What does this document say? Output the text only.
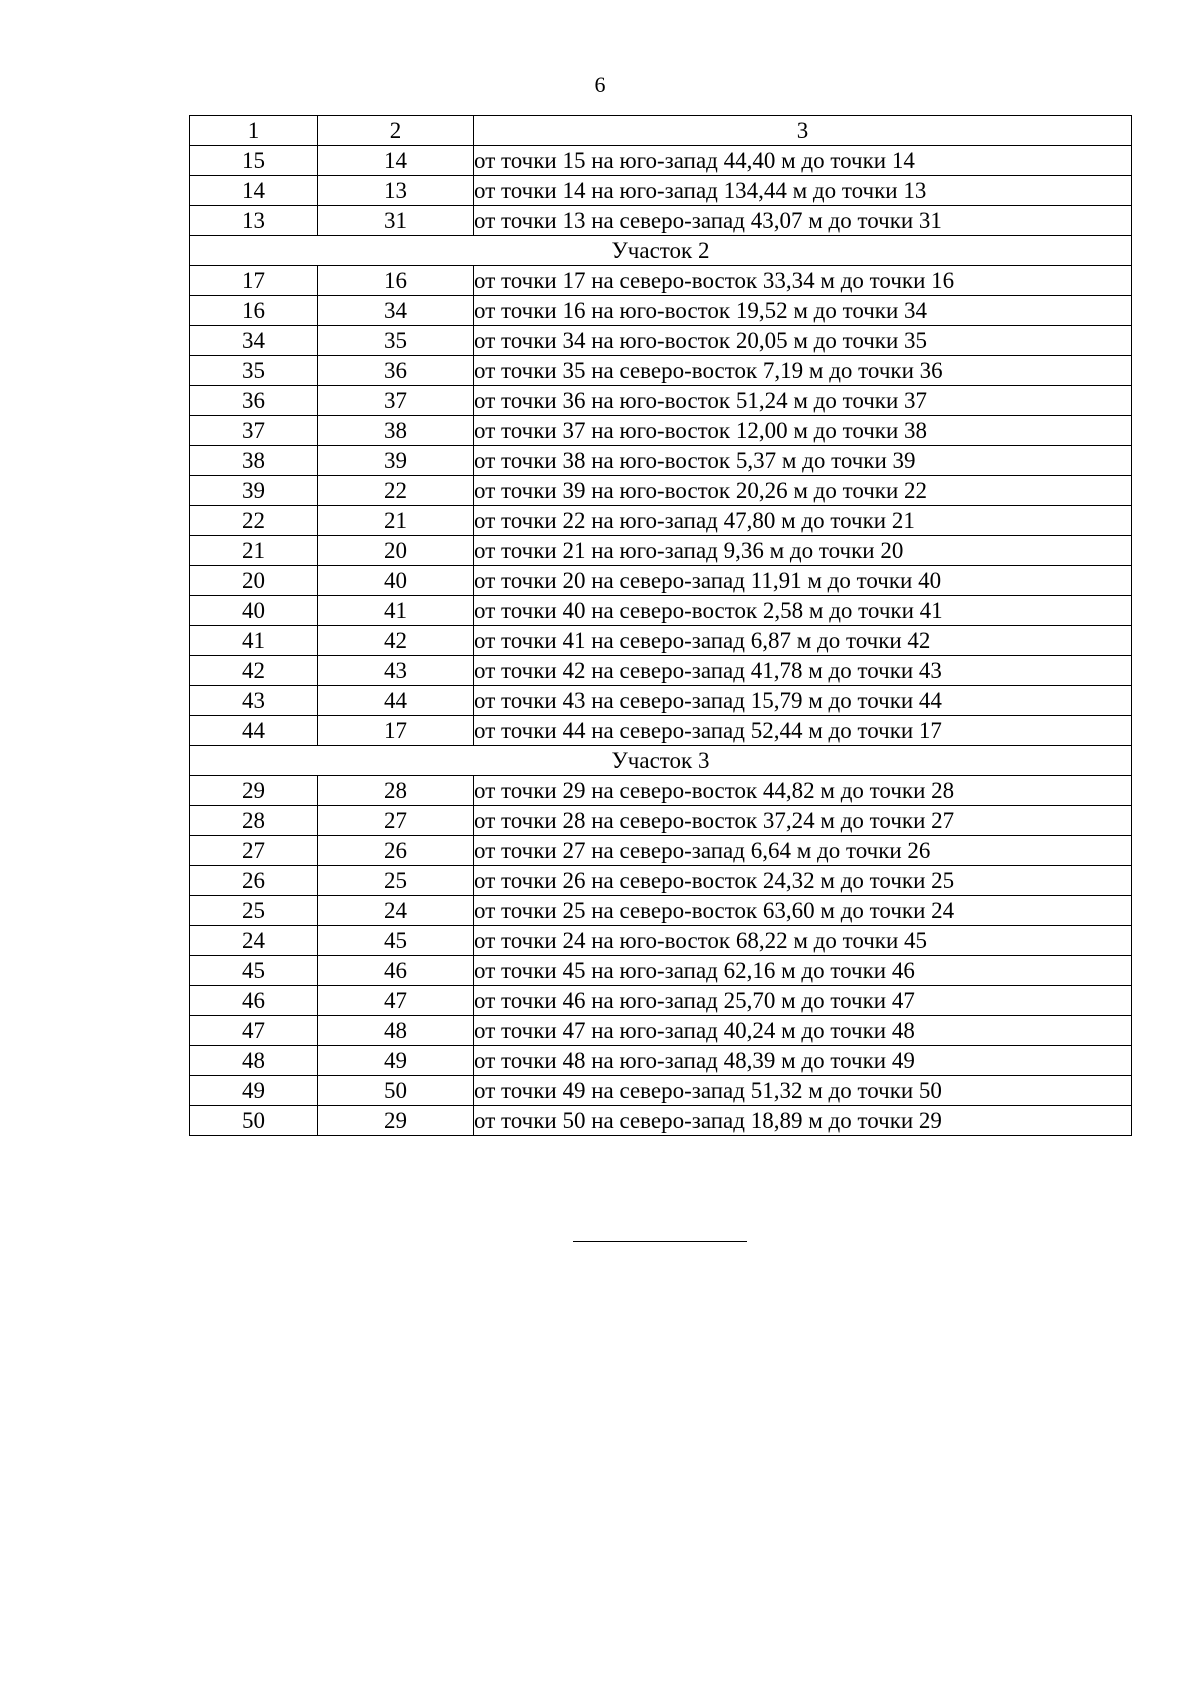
6
1	2	3
15	14	от точки 15 на юго-запад 44,40 м до точки 14
14	13	от точки 14 на юго-запад 134,44 м до точки 13
13	31	от точки 13 на северо-запад 43,07 м до точки 31
Участок 2		
17	16	от точки 17 на северо-восток 33,34 м до точки 16
16	34	от точки 16 на юго-восток 19,52 м до точки 34
34	35	от точки 34 на юго-восток 20,05 м до точки 35
35	36	от точки 35 на северо-восток 7,19 м до точки 36
36	37	от точки 36 на юго-восток 51,24 м до точки 37
37	38	от точки 37 на юго-восток 12,00 м до точки 38
38	39	от точки 38 на юго-восток 5,37 м до точки 39
39	22	от точки 39 на юго-восток 20,26 м до точки 22
22	21	от точки 22 на юго-запад 47,80 м до точки 21
21	20	от точки 21 на юго-запад 9,36 м до точки 20
20	40	от точки 20 на северо-запад 11,91 м до точки 40
40	41	от точки 40 на северо-восток 2,58 м до точки 41
41	42	от точки 41 на северо-запад 6,87 м до точки 42
42	43	от точки 42 на северо-запад 41,78 м до точки 43
43	44	от точки 43 на северо-запад 15,79 м до точки 44
44	17	от точки 44 на северо-запад 52,44 м до точки 17
Участок 3		
29	28	от точки 29 на северо-восток 44,82 м до точки 28
28	27	от точки 28 на северо-восток 37,24 м до точки 27
27	26	от точки 27 на северо-запад 6,64 м до точки 26
26	25	от точки 26 на северо-восток 24,32 м до точки 25
25	24	от точки 25 на северо-восток 63,60 м до точки 24
24	45	от точки 24 на юго-восток 68,22 м до точки 45
45	46	от точки 45 на юго-запад 62,16 м до точки 46
46	47	от точки 46 на юго-запад 25,70 м до точки 47
47	48	от точки 47 на юго-запад 40,24 м до точки 48
48	49	от точки 48 на юго-запад 48,39 м до точки 49
49	50	от точки 49 на северо-запад 51,32 м до точки 50
50	29	от точки 50 на северо-запад 18,89 м до точки 29
